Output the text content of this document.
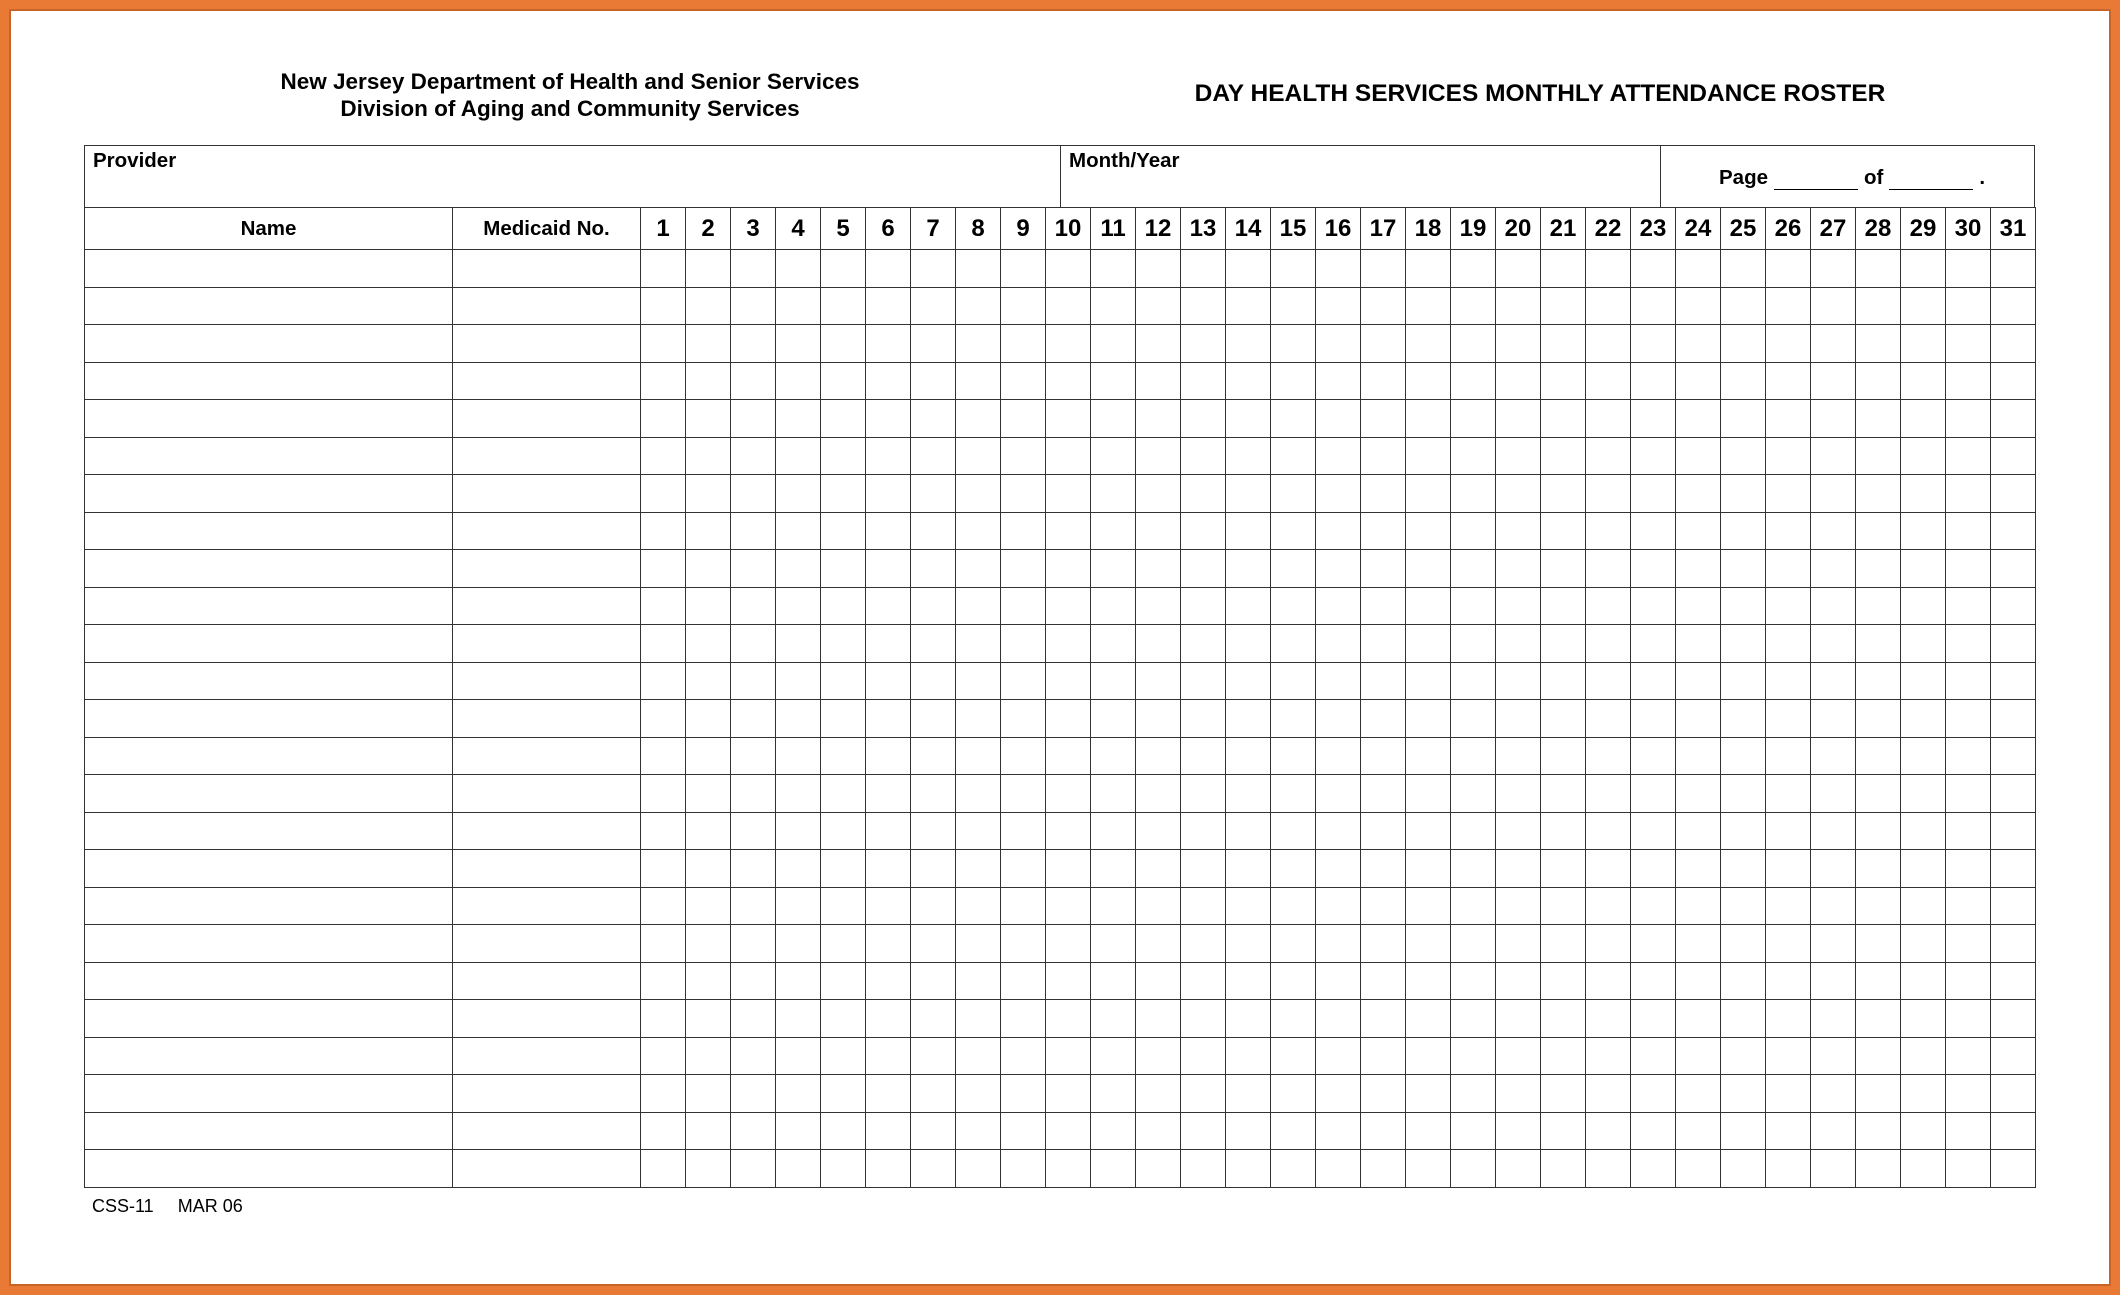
New Jersey Department of Health and Senior Services
Division of Aging and Community Services
DAY HEALTH SERVICES MONTHLY ATTENDANCE ROSTER
Provider	Month/Year
Page	of	.
Name	Medicaid No.	1	2	3	4	5	6	7	8	9	10	11	12	13	14	15	16	17	18	19	20	21	22	23	24	25	26	27	28	29	30	31

CSS-11 MAR 06
